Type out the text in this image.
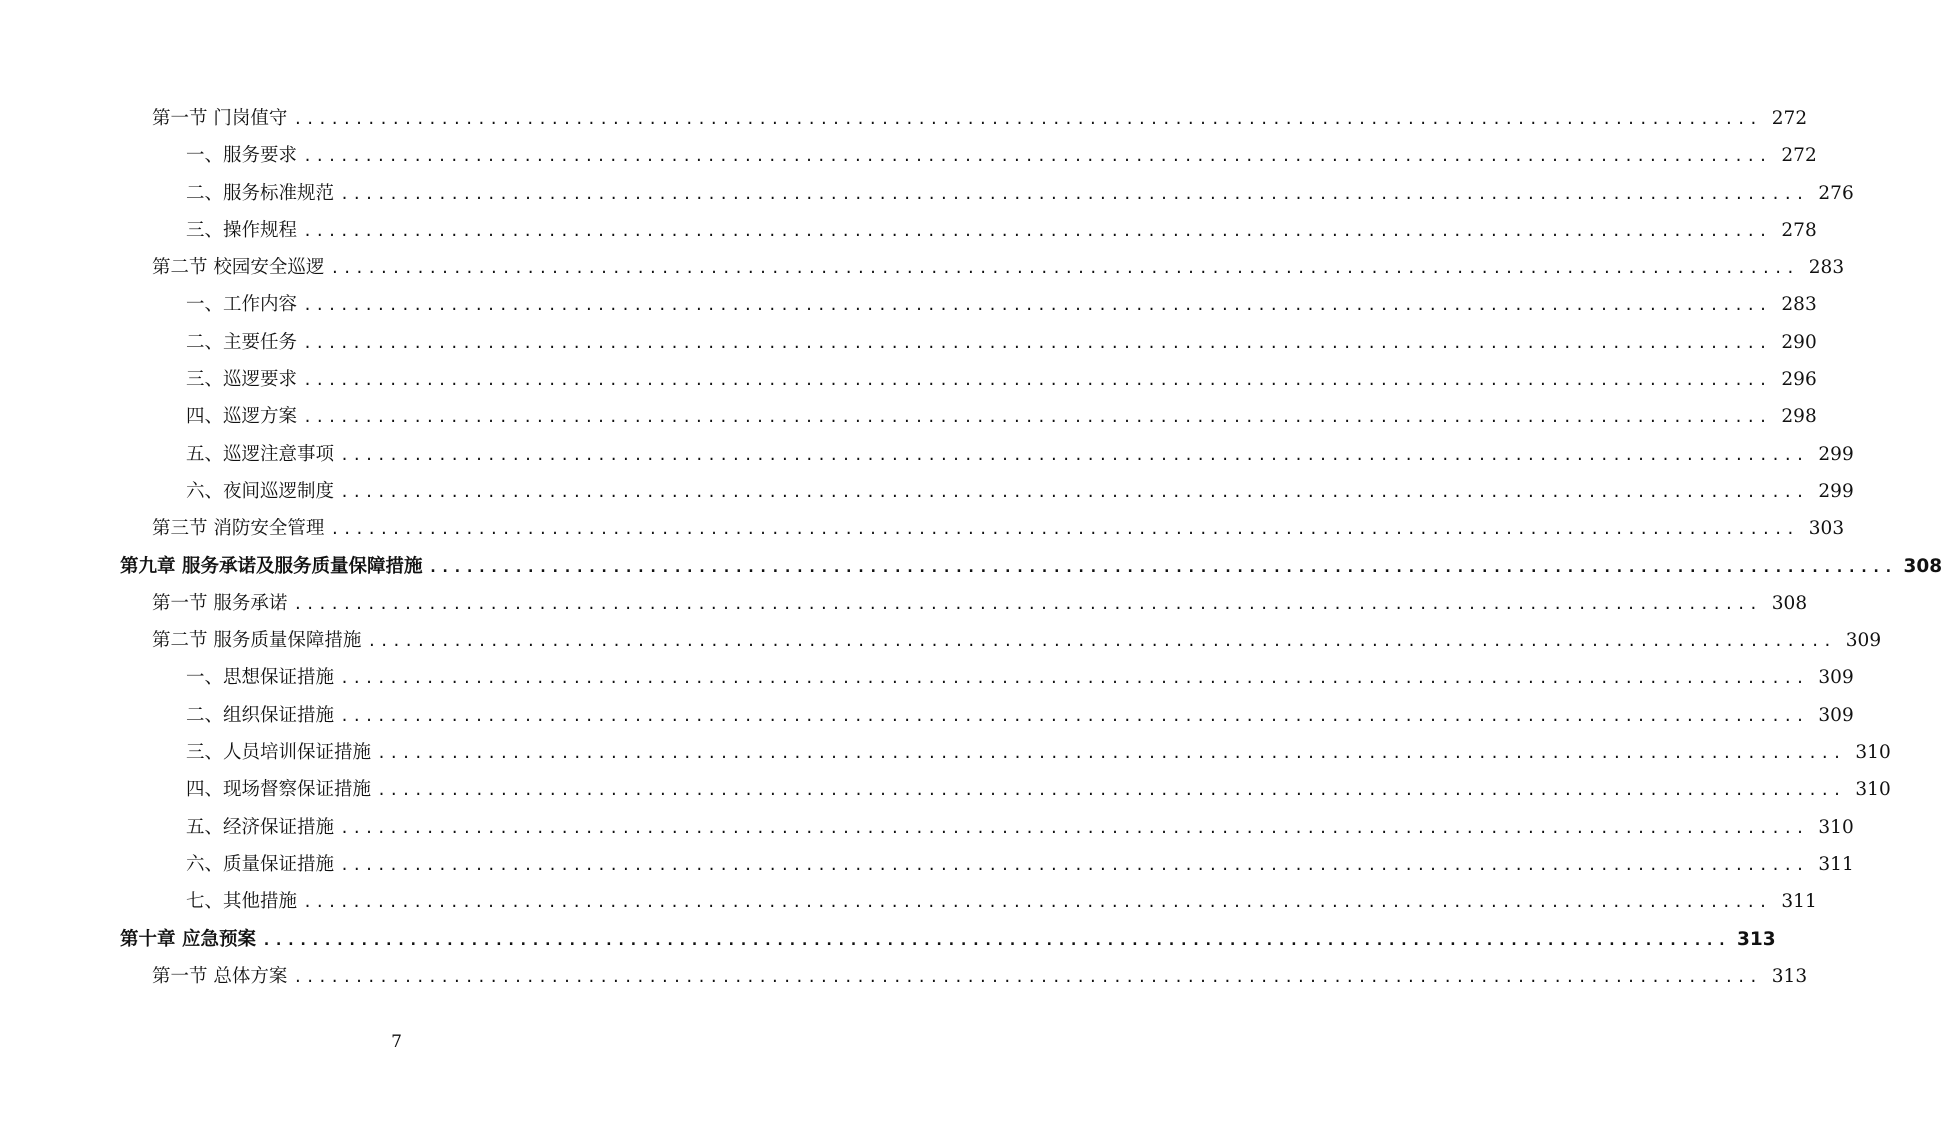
第一节 门岗值守 ........................................................................................................................ 272
一、服务要求 ........................................................................................................................ 272
二、服务标准规范 ........................................................................................................................ 276
三、操作规程 ........................................................................................................................ 278
第二节 校园安全巡逻 ........................................................................................................................ 283
一、工作内容 ........................................................................................................................ 283
二、主要任务 ........................................................................................................................ 290
三、巡逻要求 ........................................................................................................................ 296
四、巡逻方案 ........................................................................................................................ 298
五、巡逻注意事项 ........................................................................................................................ 299
六、夜间巡逻制度 ........................................................................................................................ 299
第三节 消防安全管理 ........................................................................................................................ 303
第九章 服务承诺及服务质量保障措施 ........................................................................................................................ 308
第一节 服务承诺 ........................................................................................................................ 308
第二节 服务质量保障措施 ........................................................................................................................ 309
一、思想保证措施 ........................................................................................................................ 309
二、组织保证措施 ........................................................................................................................ 309
三、人员培训保证措施 ........................................................................................................................ 310
四、现场督察保证措施 ........................................................................................................................ 310
五、经济保证措施 ........................................................................................................................ 310
六、质量保证措施 ........................................................................................................................ 311
七、其他措施 ........................................................................................................................ 311
第十章 应急预案 ........................................................................................................................ 313
第一节 总体方案 ........................................................................................................................ 313
7
